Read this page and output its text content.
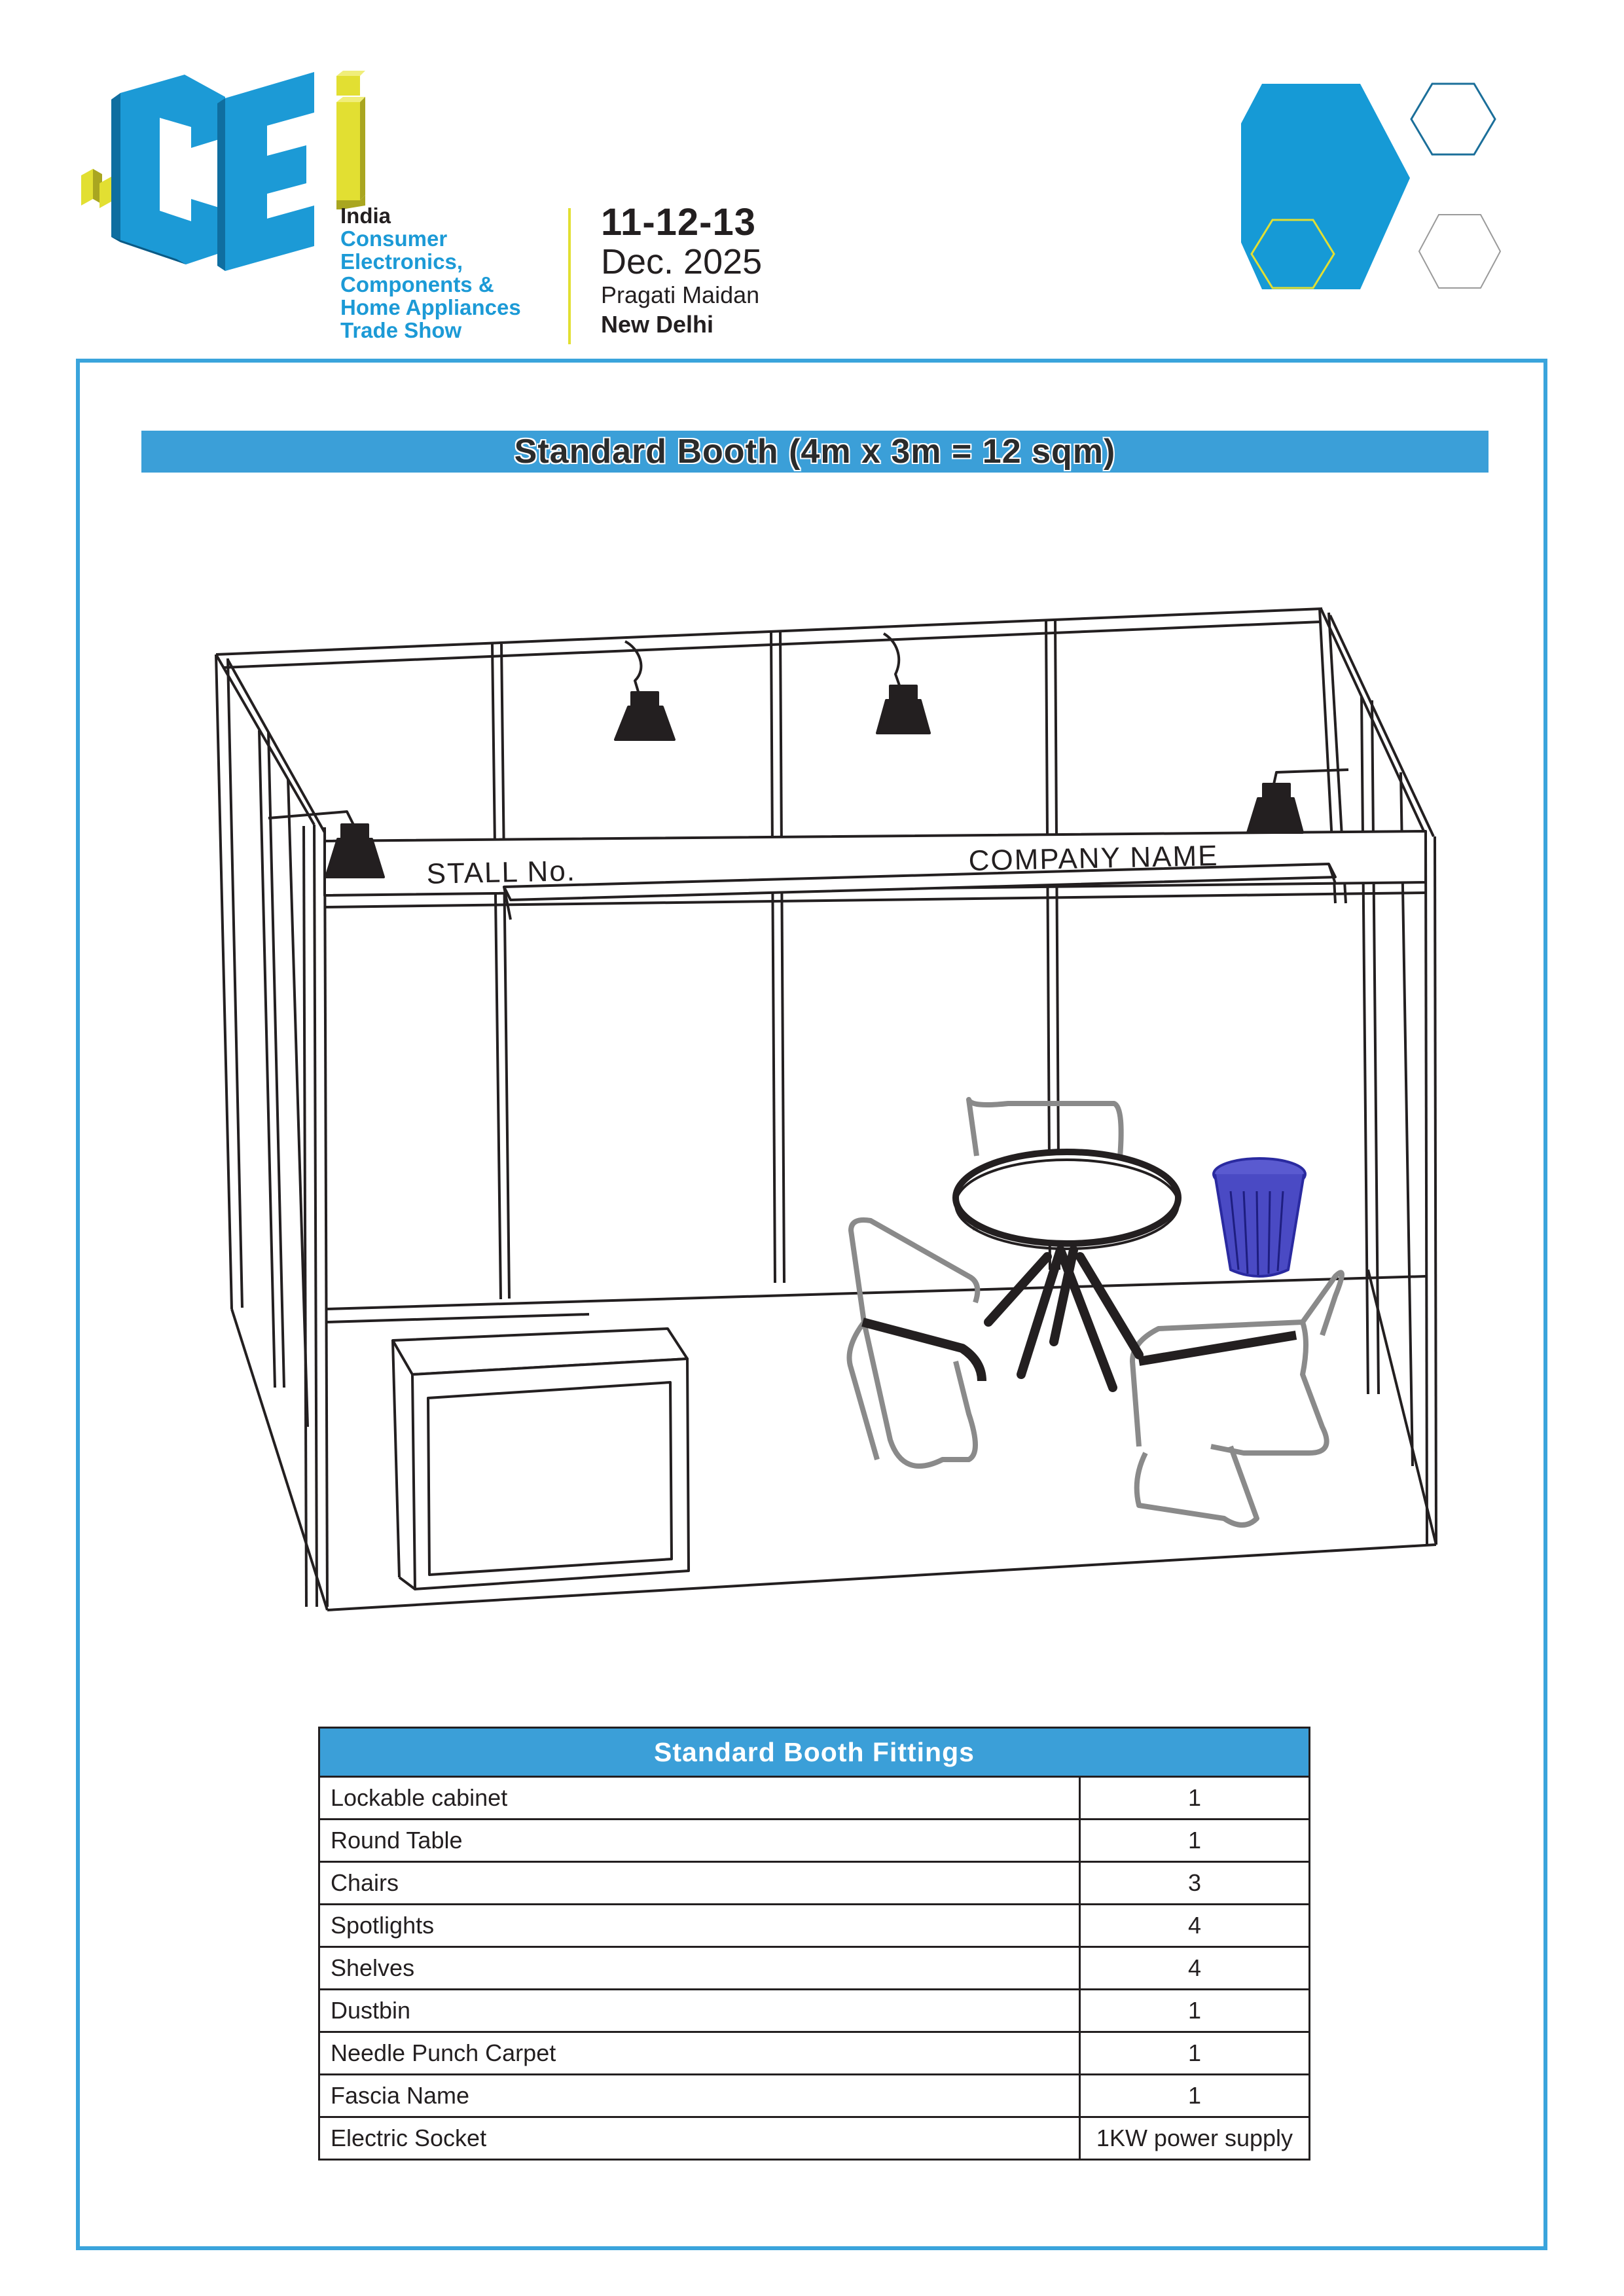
India
Consumer
Electronics,
Components &
Home Appliances
Trade Show
11-12-13
Dec. 2025
Pragati Maidan
New Delhi
Standard Booth (4m x 3m = 12 sqm)
STALL No.	COMPANY NAME
Standard Booth Fittings	
Lockable cabinet	1
Round Table	1
Chairs	3
Spotlights	4
Shelves	4
Dustbin	1
Needle Punch Carpet	1
Fascia Name	1
Electric Socket	1KW power supply
